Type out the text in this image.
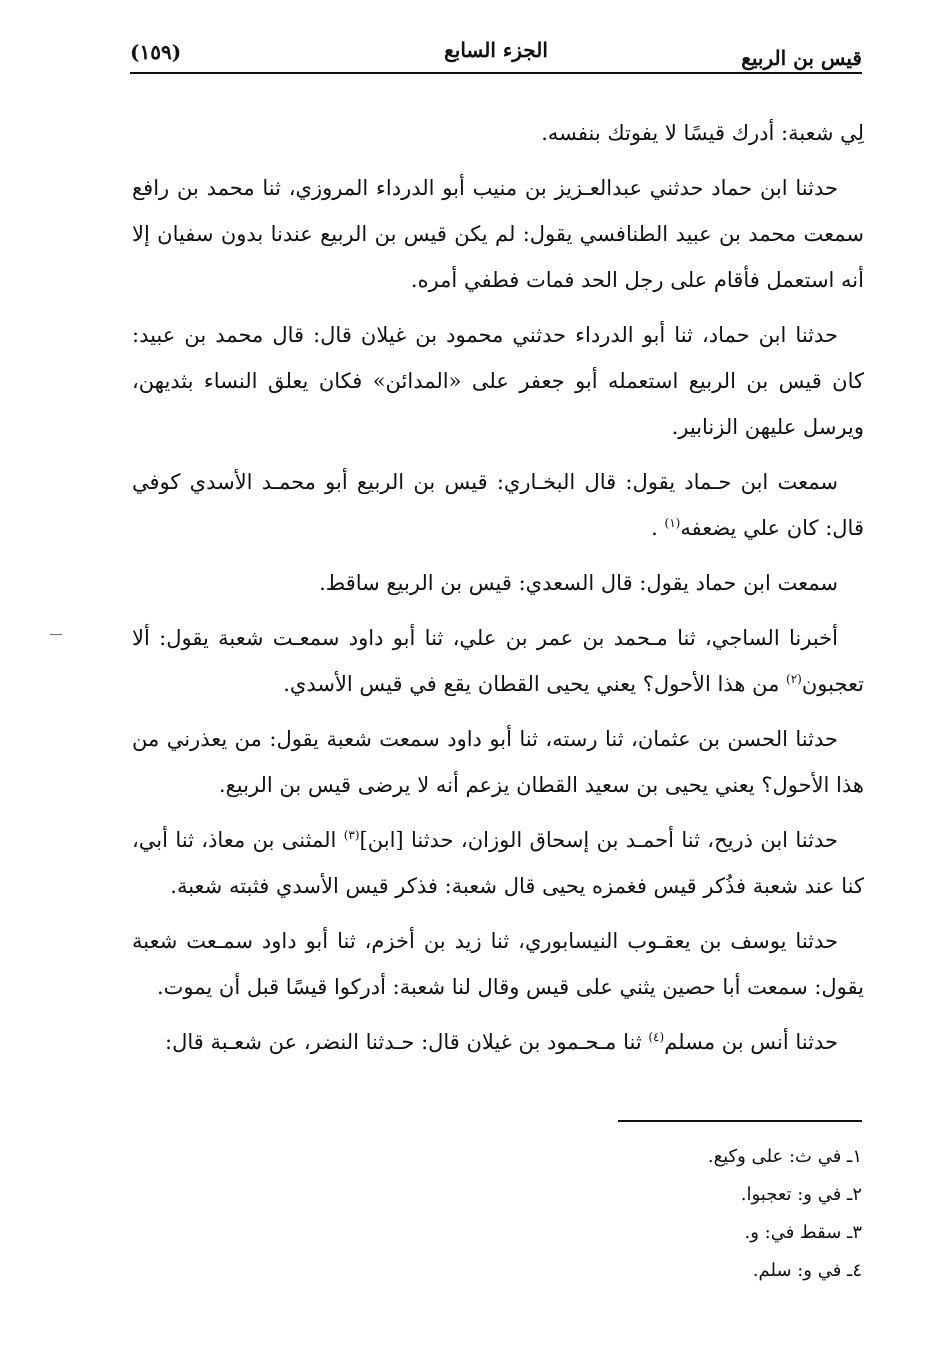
قيس بن الربيع
الجزء السابع
(١٥٩)

لِي شعبة: أدرك قيسًا لا يفوتك بنفسه.

حدثنا ابن حماد حدثني عبدالعـزيز بن منيب أبو الدرداء المروزي، ثنا محمد بن رافع سمعت محمد بن عبيد الطنافسي يقول: لم يكن قيس بن الربيع عندنا بدون سفيان إلا أنه استعمل فأقام على رجل الحد فمات فطفي أمره.

حدثنا ابن حماد، ثنا أبو الدرداء حدثني محمود بن غيلان قال: قال محمد بن عبيد: كان قيس بن الربيع استعمله أبو جعفر على «المدائن» فكان يعلق النساء بثديهن، ويرسل عليهن الزنابير.

سمعت ابن حـماد يقول: قال البخـاري: قيس بن الربيع أبو محمـد الأسدي كوفي قال: كان علي يضعفه$^{(١)}$ .

سمعت ابن حماد يقول: قال السعدي: قيس بن الربيع ساقط.

أخبرنا الساجي، ثنا مـحمد بن عمر بن علي، ثنا أبو داود سمعـت شعبة يقول: ألا تعجبون$^{(٢)}$ من هذا الأحول؟ يعني يحيى القطان يقع في قيس الأسدي.

حدثنا الحسن بن عثمان، ثنا رسته، ثنا أبو داود سمعت شعبة يقول: من يعذرني من هذا الأحول؟ يعني يحيى بن سعيد القطان يزعم أنه لا يرضى قيس بن الربيع.

حدثنا ابن ذريح، ثنا أحمـد بن إسحاق الوزان، حدثنا [ابن]$^{(٣)}$ المثنى بن معاذ، ثنا أبي، كنا عند شعبة فذُكر قيس فغمزه يحيى قال شعبة: فذكر قيس الأسدي فثبته شعبة.

حدثنا يوسف بن يعقـوب النيسابوري، ثنا زيد بن أخزم، ثنا أبو داود سمـعت شعبة يقول: سمعت أبا حصين يثني على قيس وقال لنا شعبة: أدركوا قيسًا قبل أن يموت.

حدثنا أنس بن مسلم$^{(٤)}$ ثنا مـحـمود بن غيلان قال: حـدثنا النضر، عن شعـبة قال:

١ـ في ث: على وكيع.

٢ـ في و: تعجبوا.

٣ـ سقط في: و.

٤ـ في و: سلم.
